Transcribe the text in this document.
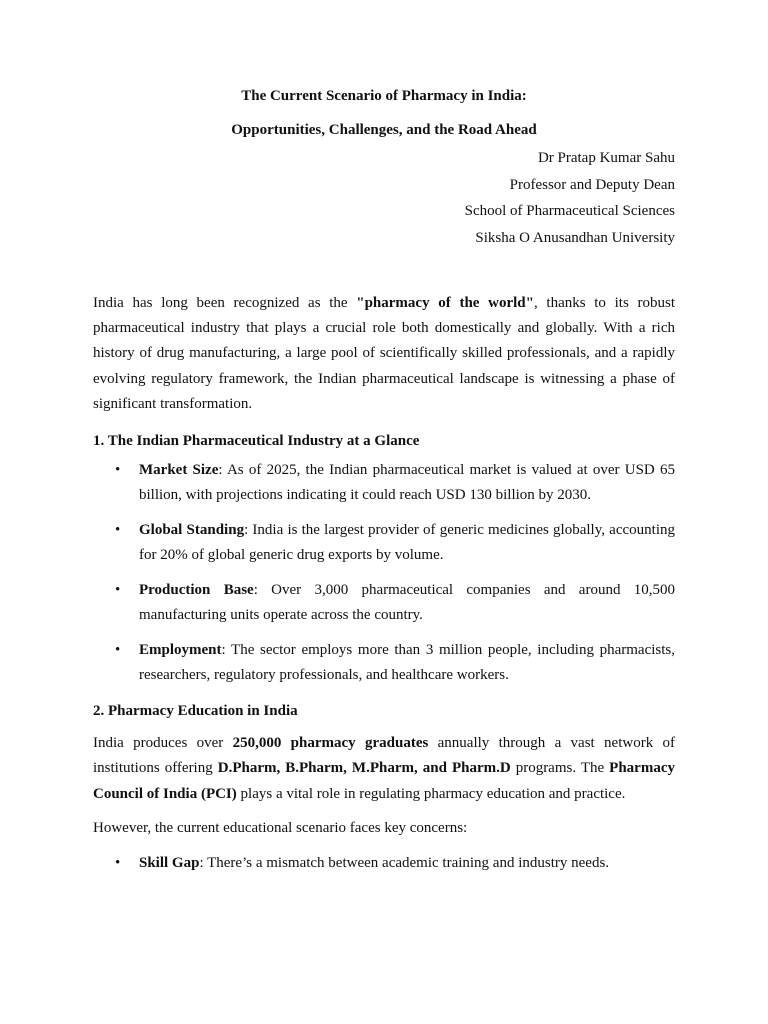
The Current Scenario of Pharmacy in India:

Opportunities, Challenges, and the Road Ahead

Dr Pratap Kumar Sahu

Professor and Deputy Dean

School of Pharmaceutical Sciences

Siksha O Anusandhan University

India has long been recognized as the "pharmacy of the world", thanks to its robust pharmaceutical industry that plays a crucial role both domestically and globally. With a rich history of drug manufacturing, a large pool of scientifically skilled professionals, and a rapidly evolving regulatory framework, the Indian pharmaceutical landscape is witnessing a phase of significant transformation.

1. The Indian Pharmaceutical Industry at a Glance

• Market Size: As of 2025, the Indian pharmaceutical market is valued at over USD 65 billion, with projections indicating it could reach USD 130 billion by 2030.
• Global Standing: India is the largest provider of generic medicines globally, accounting for 20% of global generic drug exports by volume.
• Production Base: Over 3,000 pharmaceutical companies and around 10,500 manufacturing units operate across the country.
• Employment: The sector employs more than 3 million people, including pharmacists, researchers, regulatory professionals, and healthcare workers.

2. Pharmacy Education in India

India produces over 250,000 pharmacy graduates annually through a vast network of institutions offering D.Pharm, B.Pharm, M.Pharm, and Pharm.D programs. The Pharmacy Council of India (PCI) plays a vital role in regulating pharmacy education and practice.

However, the current educational scenario faces key concerns:

• Skill Gap: There’s a mismatch between academic training and industry needs.
